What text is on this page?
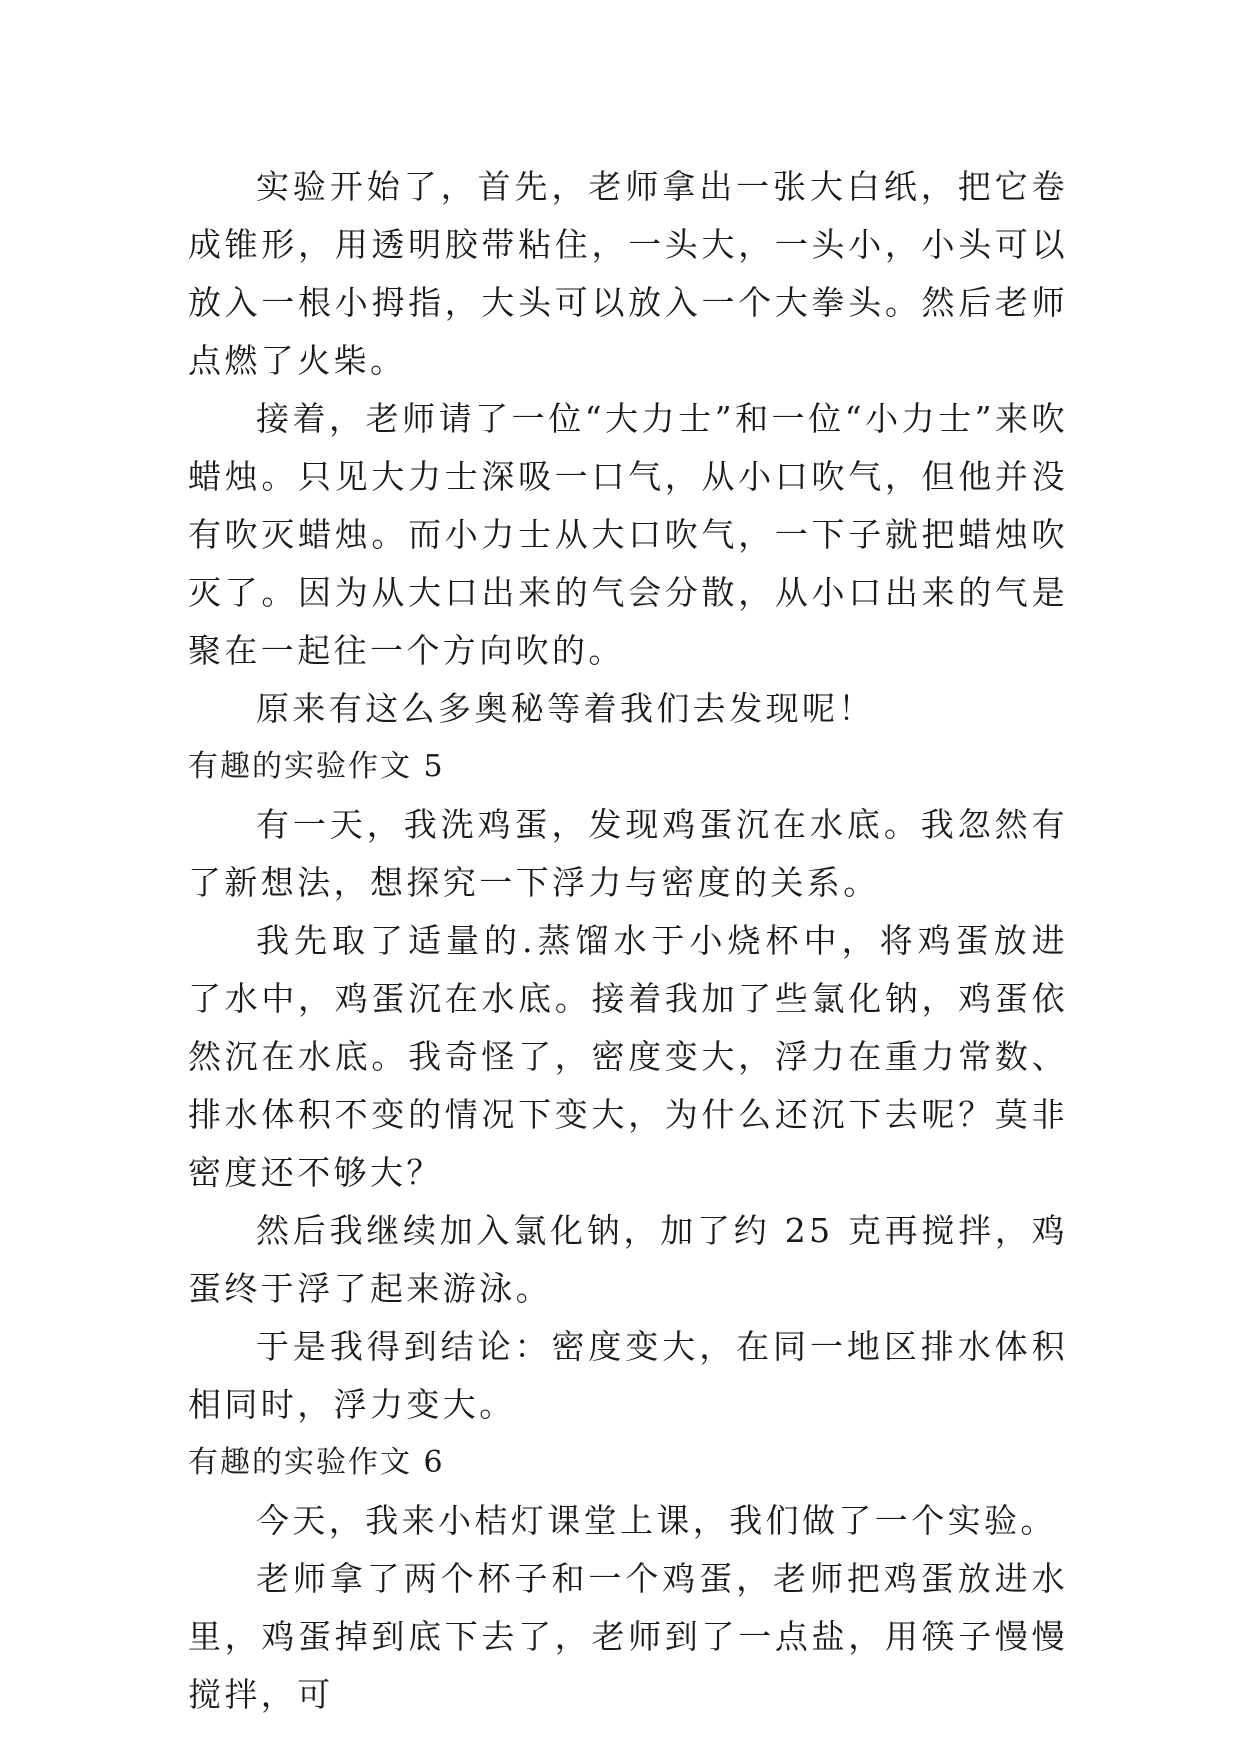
实验开始了，首先，老师拿出一张大白纸，把它卷成锥形，用透明胶带粘住，一头大，一头小，小头可以放入一根小拇指，大头可以放入一个大拳头。然后老师点燃了火柴。

接着，老师请了一位“大力士”和一位“小力士”来吹蜡烛。只见大力士深吸一口气，从小口吹气，但他并没有吹灭蜡烛。而小力士从大口吹气，一下子就把蜡烛吹灭了。因为从大口出来的气会分散，从小口出来的气是聚在一起往一个方向吹的。

原来有这么多奥秘等着我们去发现呢！

有趣的实验作文 5

有一天，我洗鸡蛋，发现鸡蛋沉在水底。我忽然有了新想法，想探究一下浮力与密度的关系。

我先取了适量的.蒸馏水于小烧杯中，将鸡蛋放进了水中，鸡蛋沉在水底。接着我加了些氯化钠，鸡蛋依然沉在水底。我奇怪了，密度变大，浮力在重力常数、排水体积不变的情况下变大，为什么还沉下去呢？莫非密度还不够大？

然后我继续加入氯化钠，加了约 25 克再搅拌，鸡蛋终于浮了起来游泳。

于是我得到结论：密度变大，在同一地区排水体积相同时，浮力变大。

有趣的实验作文 6

今天，我来小桔灯课堂上课，我们做了一个实验。

老师拿了两个杯子和一个鸡蛋，老师把鸡蛋放进水里，鸡蛋掉到底下去了，老师到了一点盐，用筷子慢慢搅拌，可
